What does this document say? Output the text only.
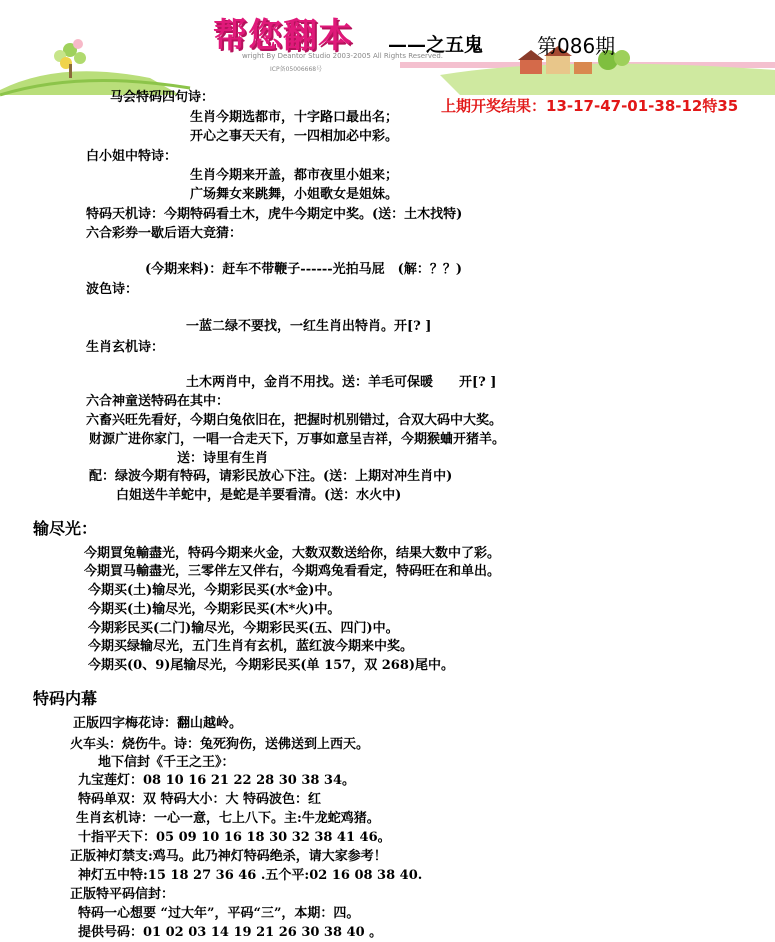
帮您翻本 ——之五鬼	第086期
wright By Deantor Studio 2003-2005 All Rights Reserved.
ICP备05006668号
上期开奖结果：13-17-47-01-38-12特35
马会特码四句诗：
生肖今期选都市，十字路口最出名；
开心之事天天有，一四相加必中彩。
白小姐中特诗：
生肖今期来开盖，都市夜里小姐来；
广场舞女来跳舞，小姐歌女是姐妹。
特码天机诗：今期特码看土木，虎牛今期定中奖。(送：土木找特)
六合彩券一歇后语大竞猜：
(今期来料)：赶车不带鞭子------光拍马屁　(解：？？)
波色诗：
一蓝二绿不要找，一红生肖出特肖。开[? ]
生肖玄机诗：
土木两肖中，金肖不用找。送：羊毛可保暖　　开[? ]
六合神童送特码在其中：
六畜兴旺先看好，今期白兔依旧在，把握时机别错过，合双大码中大奖。
财源广进你家门，一唱一合走天下，万事如意呈吉祥，今期猴蛐开猪羊。
送：诗里有生肖
配：绿波今期有特码，请彩民放心下注。(送：上期对冲生肖中)
白姐送牛羊蛇中，是蛇是羊要看清。(送：水火中)
输尽光：
今期買兔輸盡光，特码今期来火金，大数双数送给你，结果大数中了彩。
今期買马輸盡光，三零伴左又伴右，今期鸡兔看看定，特码旺在和单出。
今期买(土)输尽光，今期彩民买(水*金)中。
今期买(土)输尽光，今期彩民买(木*火)中。
今期彩民买(二门)输尽光，今期彩民买(五、四门)中。
今期买绿输尽光，五门生肖有玄机，蓝红波今期来中奖。
今期买(0、9)尾输尽光，今期彩民买(单 157，双 268)尾中。
特码内幕
正版四字梅花诗：翻山越岭。
火车头：烧伤牛。诗：兔死狗伤，送佛送到上西天。
地下信封《千王之王》：
九宝莲灯：08 10 16 21 22 28 30 38 34。
特码单双：双 特码大小：大 特码波色：红
生肖玄机诗：一心一意，七上八下。主:牛龙蛇鸡猪。
十指平天下：05 09 10 16 18 30 32 38 41 46。
正版神灯禁支:鸡马。此乃神灯特码绝杀，请大家参考！
神灯五中特:15 18 27 36 46 .五个平:02 16 08 38 40.
正版特平码信封：
特码一心想要 “过大年”，平码“三”，本期：四。
提供号码：01 02 03 14 19 21 26 30 38 40 。
